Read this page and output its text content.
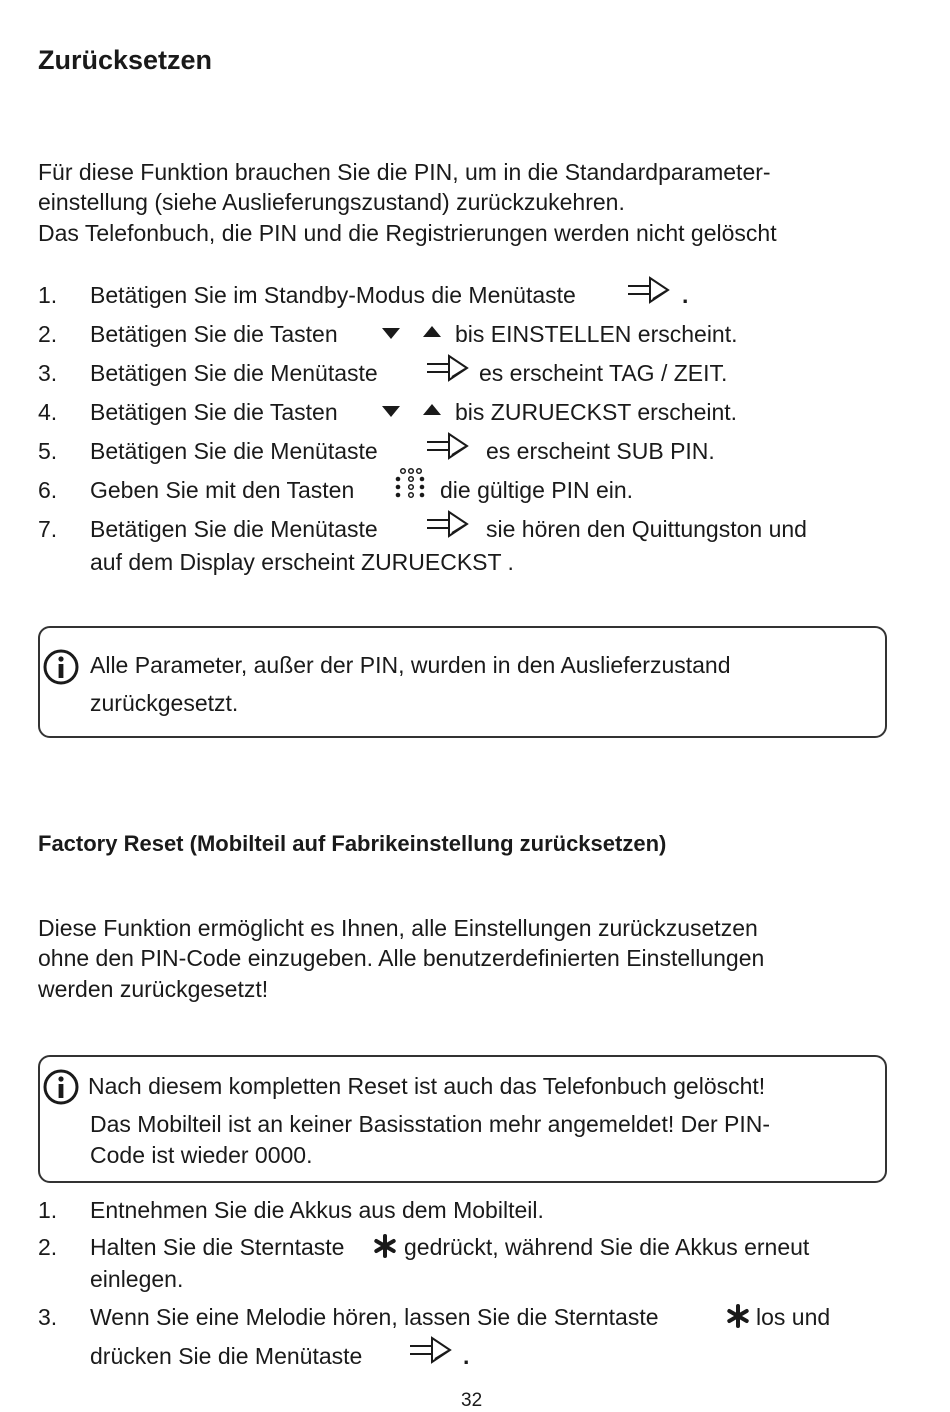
Zurücksetzen
Für diese Funktion brauchen Sie die PIN, um in die Standardparameter-
einstellung (siehe Auslieferungszustand) zurückzukehren.
Das Telefonbuch, die PIN und die Registrierungen werden nicht gelöscht
1. Betätigen Sie im Standby-Modus die Menütaste	.
2. Betätigen Sie die Tasten	bis EINSTELLEN erscheint.
3. Betätigen Sie die Menütaste	es erscheint TAG / ZEIT.
4. Betätigen Sie die Tasten	bis ZURUECKST erscheint.
5. Betätigen Sie die Menütaste	es erscheint SUB PIN.
6. Geben Sie mit den Tasten	die gültige PIN ein.
7. Betätigen Sie die Menütaste	sie hören den Quittungston und
auf dem Display erscheint ZURUECKST .
Alle Parameter, außer der PIN, wurden in den Auslieferzustand
zurückgesetzt.
Factory Reset (Mobilteil auf Fabrikeinstellung zurücksetzen)
Diese Funktion ermöglicht es Ihnen, alle Einstellungen zurückzusetzen
ohne den PIN-Code einzugeben. Alle benutzerdefinierten Einstellungen
werden zurückgesetzt!
Nach diesem kompletten Reset ist auch das Telefonbuch gelöscht!
Das Mobilteil ist an keiner Basisstation mehr angemeldet! Der PIN-
Code ist wieder 0000.
1. Entnehmen Sie die Akkus aus dem Mobilteil.
2. Halten Sie die Sterntaste	gedrückt, während Sie die Akkus erneut
einlegen.
3. Wenn Sie eine Melodie hören, lassen Sie die Sterntaste	los und
drücken Sie die Menütaste	.
32
